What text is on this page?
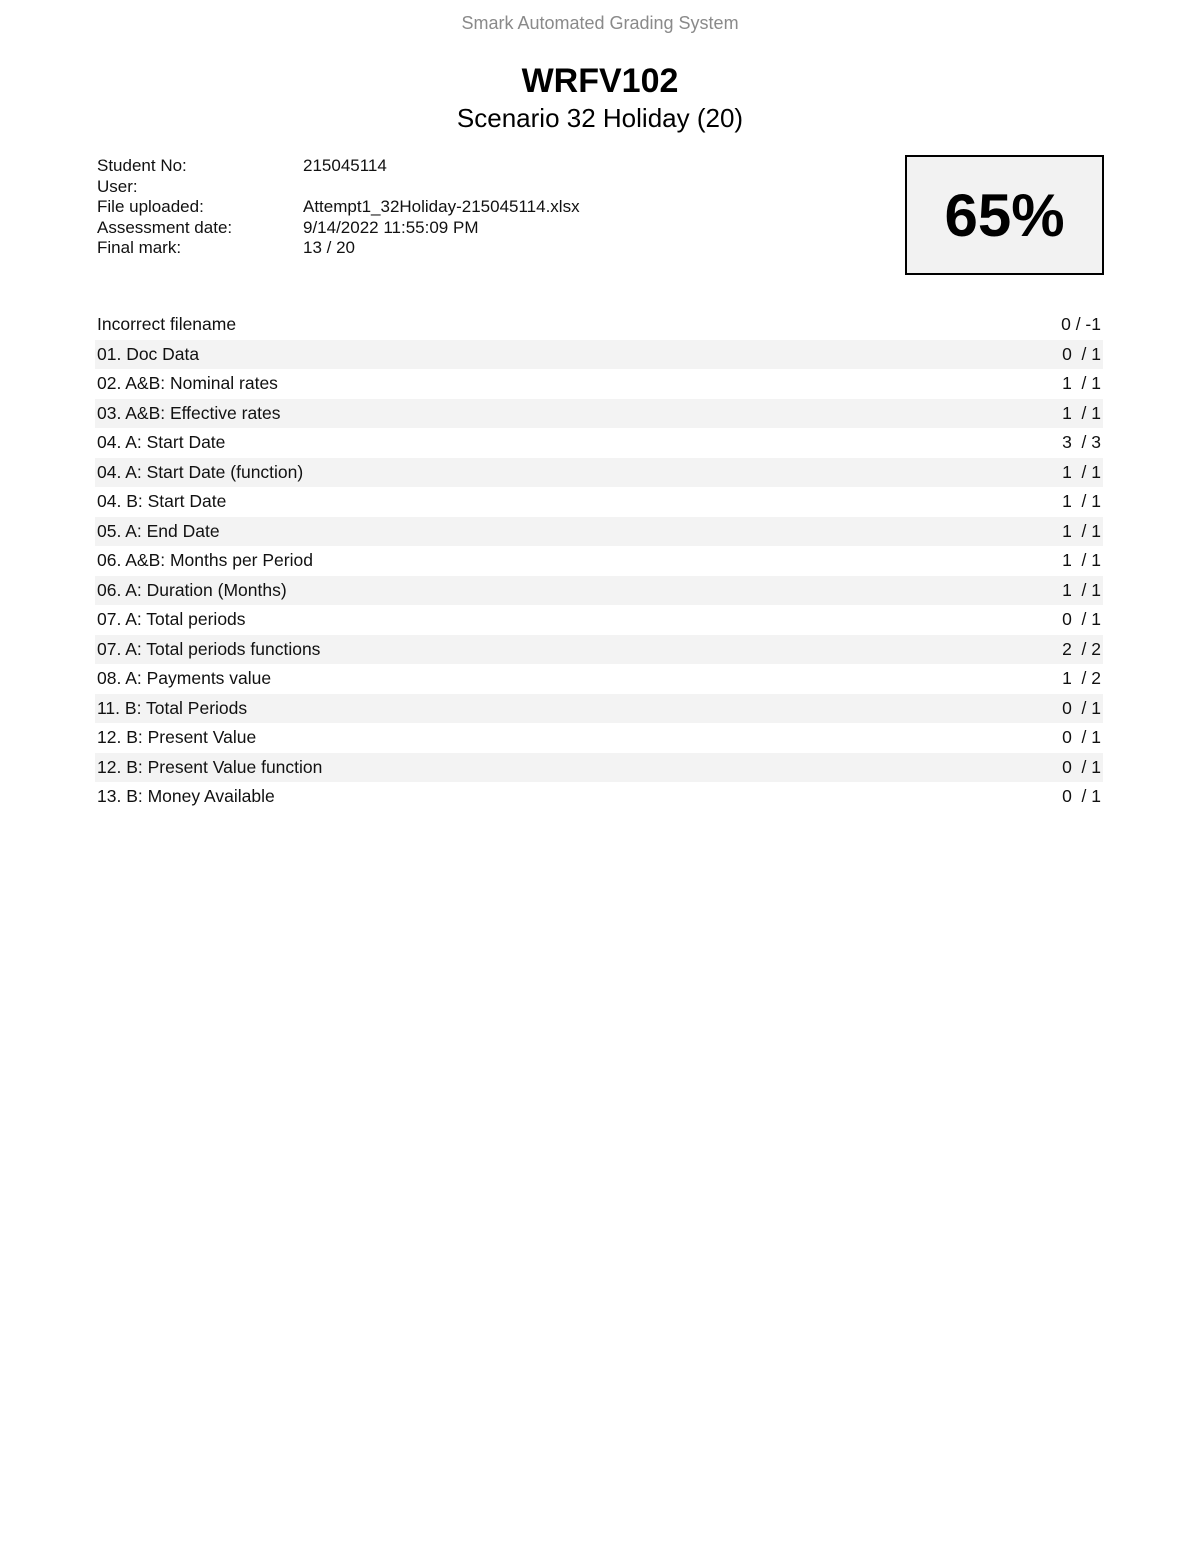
Smark Automated Grading System
WRFV102
Scenario 32 Holiday (20)
Student No:	215045114
User:	
File uploaded:	Attempt1_32Holiday-215045114.xlsx
Assessment date:	9/14/2022 11:55:09 PM
Final mark:	13 / 20	65%
Incorrect filename	0 / -1
01. Doc Data	0  / 1
02. A&B: Nominal rates	1  / 1
03. A&B: Effective rates	1  / 1
04. A: Start Date	3  / 3
04. A: Start Date (function)	1  / 1
04. B: Start Date	1  / 1
05. A: End Date	1  / 1
06. A&B: Months per Period	1  / 1
06. A: Duration (Months)	1  / 1
07. A: Total periods	0  / 1
07. A: Total periods functions	2  / 2
08. A: Payments value	1  / 2
11. B: Total Periods	0  / 1
12. B: Present Value	0  / 1
12. B: Present Value function	0  / 1
13. B: Money Available	0  / 1
